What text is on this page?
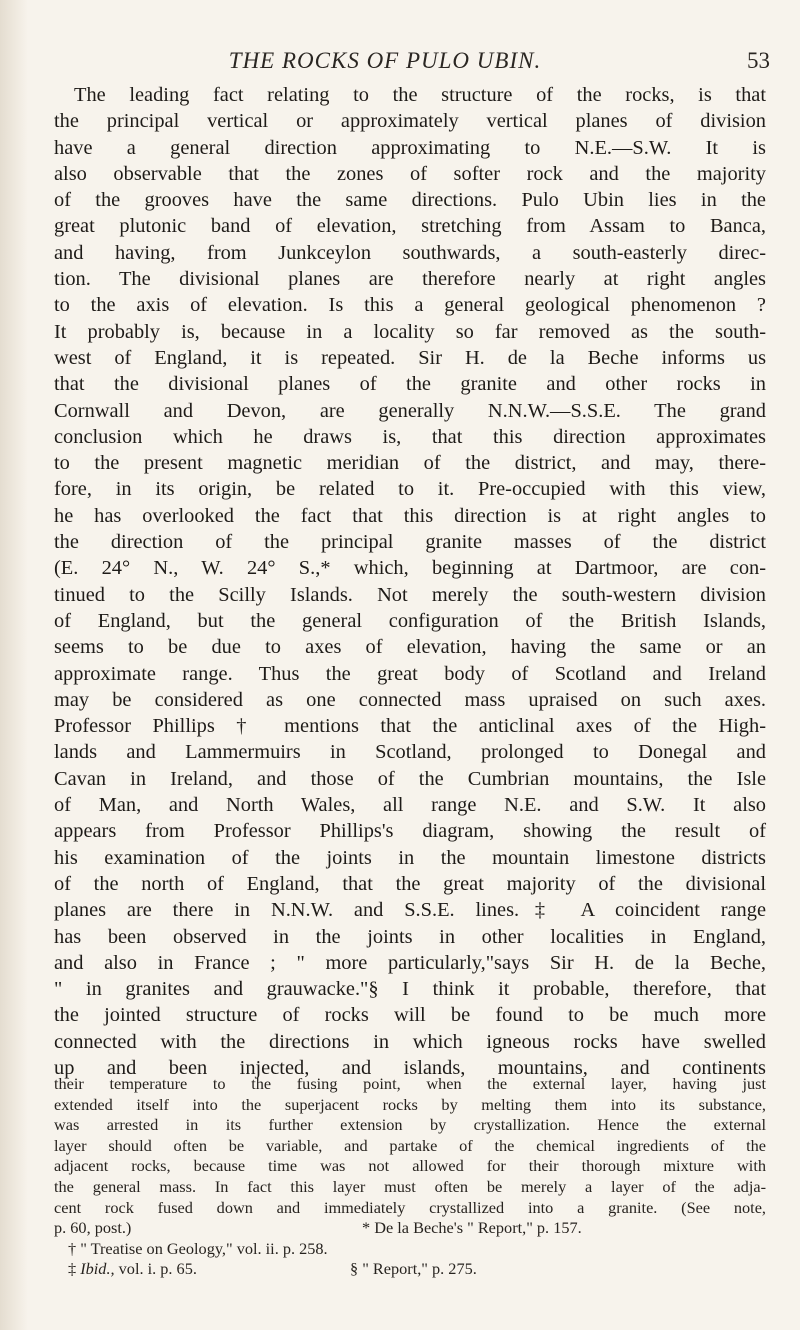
THE ROCKS OF PULO UBIN.	53
The leading fact relating to the structure of the rocks, is that
the principal vertical or approximately vertical planes of division
have a general direction approximating to N.E.—S.W. It is
also observable that the zones of softer rock and the majority
of the grooves have the same directions. Pulo Ubin lies in the
great plutonic band of elevation, stretching from Assam to Banca,
and having, from Junkceylon southwards, a south-easterly direc-
tion. The divisional planes are therefore nearly at right angles
to the axis of elevation. Is this a general geological phenomenon ?
It probably is, because in a locality so far removed as the south-
west of England, it is repeated. Sir H. de la Beche informs us
that the divisional planes of the granite and other rocks in
Cornwall and Devon, are generally N.N.W.—S.S.E. The grand
conclusion which he draws is, that this direction approximates
to the present magnetic meridian of the district, and may, there-
fore, in its origin, be related to it. Pre-occupied with this view,
he has overlooked the fact that this direction is at right angles to
the direction of the principal granite masses of the district
(E. 24° N., W. 24° S.,* which, beginning at Dartmoor, are con-
tinued to the Scilly Islands. Not merely the south-western division
of England, but the general configuration of the British Islands,
seems to be due to axes of elevation, having the same or an
approximate range. Thus the great body of Scotland and Ireland
may be considered as one connected mass upraised on such axes.
Professor Phillips † mentions that the anticlinal axes of the High-
lands and Lammermuirs in Scotland, prolonged to Donegal and
Cavan in Ireland, and those of the Cumbrian mountains, the Isle
of Man, and North Wales, all range N.E. and S.W. It also
appears from Professor Phillips's diagram, showing the result of
his examination of the joints in the mountain limestone districts
of the north of England, that the great majority of the divisional
planes are there in N.N.W. and S.S.E. lines.‡ A coincident range
has been observed in the joints in other localities in England,
and also in France ; " more particularly,"says Sir H. de la Beche,
" in granites and grauwacke."§ I think it probable, therefore, that
the jointed structure of rocks will be found to be much more
connected with the directions in which igneous rocks have swelled
up and been injected, and islands, mountains, and continents
their temperature to the fusing point, when the external layer, having just
extended itself into the superjacent rocks by melting them into its substance,
was arrested in its further extension by crystallization. Hence the external
layer should often be variable, and partake of the chemical ingredients of the
adjacent rocks, because time was not allowed for their thorough mixture with
the general mass. In fact this layer must often be merely a layer of the adja-
cent rock fused down and immediately crystallized into a granite. (See note,
p. 60, post.)	* De la Beche's " Report," p. 157.
† " Treatise on Geology," vol. ii. p. 258.
‡ Ibid., vol. i. p. 65.	§ " Report," p. 275.
